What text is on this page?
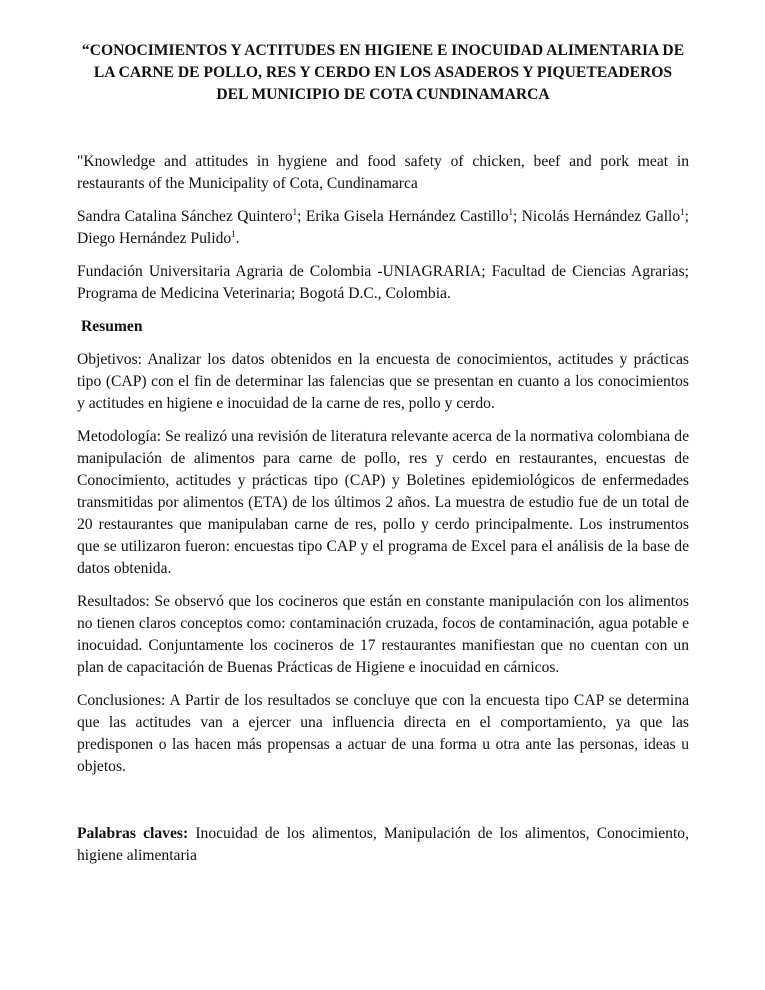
“CONOCIMIENTOS Y ACTITUDES EN HIGIENE E INOCUIDAD ALIMENTARIA DE LA CARNE DE POLLO, RES Y CERDO EN LOS ASADEROS Y PIQUETEADEROS DEL MUNICIPIO DE COTA CUNDINAMARCA

"Knowledge and attitudes in hygiene and food safety of chicken, beef and pork meat in restaurants of the Municipality of Cota, Cundinamarca

Sandra Catalina Sánchez Quintero$^1$; Erika Gisela Hernández Castillo$^1$; Nicolás Hernández Gallo$^1$; Diego Hernández Pulido$^1$.

Fundación Universitaria Agraria de Colombia -UNIAGRARIA; Facultad de Ciencias Agrarias; Programa de Medicina Veterinaria; Bogotá D.C., Colombia.

Resumen

Objetivos: Analizar los datos obtenidos en la encuesta de conocimientos, actitudes y prácticas tipo (CAP) con el fin de determinar las falencias que se presentan en cuanto a los conocimientos y actitudes en higiene e inocuidad de la carne de res, pollo y cerdo.

Metodología: Se realizó una revisión de literatura relevante acerca de la normativa colombiana de manipulación de alimentos para carne de pollo, res y cerdo en restaurantes, encuestas de Conocimiento, actitudes y prácticas tipo (CAP) y Boletines epidemiológicos de enfermedades transmitidas por alimentos (ETA) de los últimos 2 años. La muestra de estudio fue de un total de 20 restaurantes que manipulaban carne de res, pollo y cerdo principalmente. Los instrumentos que se utilizaron fueron: encuestas tipo CAP y el programa de Excel para el análisis de la base de datos obtenida.

Resultados: Se observó que los cocineros que están en constante manipulación con los alimentos no tienen claros conceptos como: contaminación cruzada, focos de contaminación, agua potable e inocuidad. Conjuntamente los cocineros de 17 restaurantes manifiestan que no cuentan con un plan de capacitación de Buenas Prácticas de Higiene e inocuidad en cárnicos.

Conclusiones: A Partir de los resultados se concluye que con la encuesta tipo CAP se determina que las actitudes van a ejercer una influencia directa en el comportamiento, ya que las predisponen o las hacen más propensas a actuar de una forma u otra ante las personas, ideas u objetos.

Palabras claves: Inocuidad de los alimentos, Manipulación de los alimentos, Conocimiento, higiene alimentaria
